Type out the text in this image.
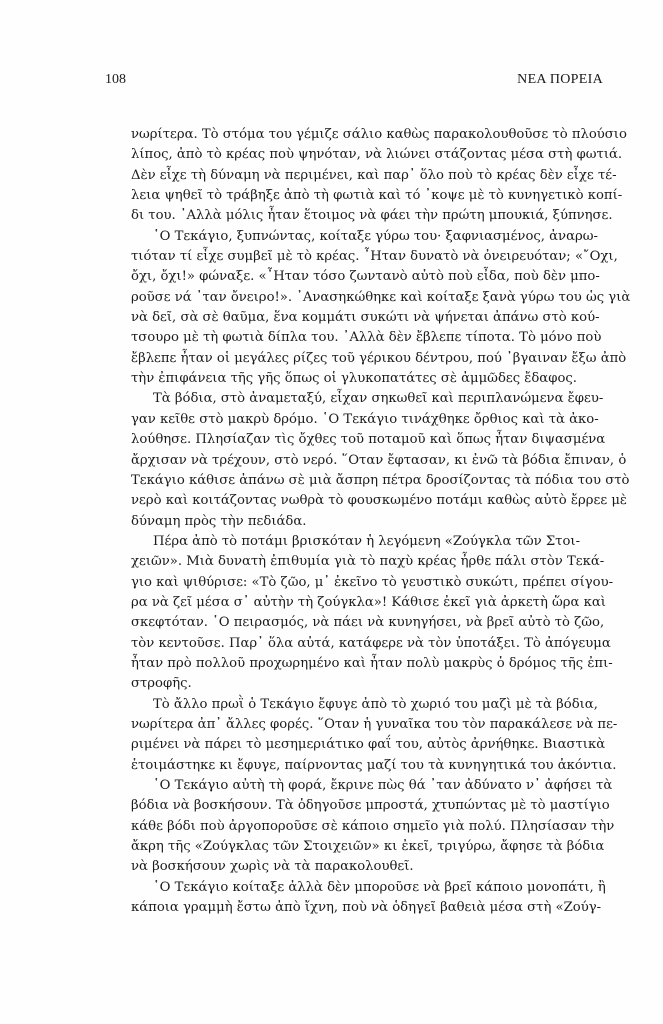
108	ΝΕΑ ΠΟΡΕΙΑ
νωρίτερα. Τὸ στόμα του γέμιζε σάλιο καθὼς παρακολουθοῦσε τὸ πλούσιο
λίπος, ἀπὸ τὸ κρέας ποὺ ψηνόταν, νὰ λιώνει στάζοντας μέσα στὴ φωτιά.
Δὲν εἶχε τὴ δύναμη νὰ περιμένει, καὶ παρ᾽ ὅλο ποὺ τὸ κρέας δὲν εἶχε τέ-
λεια ψηθεῖ τὸ τράβηξε ἀπὸ τὴ φωτιὰ καὶ τό ᾽κοψε μὲ τὸ κυνηγετικὸ κοπί-
δι του. ᾽Αλλὰ μόλις ἦταν ἕτοιμος νὰ φάει τὴν πρώτη μπουκιά, ξύπνησε.
῾Ο Τεκάγιο, ξυπνώντας, κοίταξε γύρω του· ξαφνιασμένος, ἀναρω-
τιόταν τί εἶχε συμβεῖ μὲ τὸ κρέας. ῏Ηταν δυνατὸ νὰ ὀνειρευόταν; «῎Οχι,
ὄχι, ὄχι!» φώναξε. «῏Ηταν τόσο ζωντανὸ αὐτὸ ποὺ εἶδα, ποὺ δὲν μπο-
ροῦσε νά ᾽ταν ὄνειρο!». ᾽Ανασηκώθηκε καὶ κοίταξε ξανὰ γύρω του ὡς γιὰ
νὰ δεῖ, σὰ σὲ θαῦμα, ἕνα κομμάτι συκώτι νὰ ψήνεται ἀπάνω στὸ κού-
τσουρο μὲ τὴ φωτιὰ δίπλα του. ᾽Αλλὰ δὲν ἔβλεπε τίποτα. Τὸ μόνο ποὺ
ἔβλεπε ἦταν οἱ μεγάλες ρίζες τοῦ γέρικου δέντρου, πού ᾽βγαιναν ἔξω ἀπὸ
τὴν ἐπιφάνεια τῆς γῆς ὅπως οἱ γλυκοπατάτες σὲ ἀμμῶδες ἔδαφος.
Τὰ βόδια, στὸ ἀναμεταξύ, εἶχαν σηκωθεῖ καὶ περιπλανώμενα ἔφευ-
γαν κεῖθε στὸ μακρὺ δρόμο. ῾Ο Τεκάγιο τινάχθηκε ὄρθιος καὶ τὰ ἀκο-
λούθησε. Πλησίαζαν τὶς ὄχθες τοῦ ποταμοῦ καὶ ὅπως ἦταν διψασμένα
ἄρχισαν νὰ τρέχουν, στὸ νερό. ῞Οταν ἔφτασαν, κι ἐνῶ τὰ βόδια ἔπιναν, ὁ
Τεκάγιο κάθισε ἀπάνω σὲ μιὰ ἄσπρη πέτρα δροσίζοντας τὰ πόδια του στὸ
νερὸ καὶ κοιτάζοντας νωθρὰ τὸ φουσκωμένο ποτάμι καθὼς αὐτὸ ἔρρεε μὲ
δύναμη πρὸς τὴν πεδιάδα.
Πέρα ἀπὸ τὸ ποτάμι βρισκόταν ἡ λεγόμενη «Ζούγκλα τῶν Στοι-
χειῶν». Μιὰ δυνατὴ ἐπιθυμία γιὰ τὸ παχὺ κρέας ἦρθε πάλι στὸν Τεκά-
γιο καὶ ψιθύρισε: «Τὸ ζῶο, μ᾽ ἐκεῖνο τὸ γευστικὸ συκώτι, πρέπει σίγου-
ρα νὰ ζεῖ μέσα σ᾽ αὐτὴν τὴ ζούγκλα»! Κάθισε ἐκεῖ γιὰ ἀρκετὴ ὥρα καὶ
σκεφτόταν. ῾Ο πειρασμός, νὰ πάει νὰ κυνηγήσει, νὰ βρεῖ αὐτὸ τὸ ζῶο,
τὸν κεντοῦσε. Παρ᾽ ὅλα αὐτά, κατάφερε νὰ τὸν ὑποτάξει. Τὸ ἀπόγευμα
ἦταν πρὸ πολλοῦ προχωρημένο καὶ ἦταν πολὺ μακρὺς ὁ δρόμος τῆς ἐπι-
στροφῆς.
Τὸ ἄλλο πρωῒ ὁ Τεκάγιο ἔφυγε ἀπὸ τὸ χωριό του μαζὶ μὲ τὰ βόδια,
νωρίτερα ἀπ᾽ ἄλλες φορές. ῞Οταν ἡ γυναῖκα του τὸν παρακάλεσε νὰ πε-
ριμένει νὰ πάρει τὸ μεσημεριάτικο φαΐ του, αὐτὸς ἀρνήθηκε. Βιαστικὰ
ἑτοιμάστηκε κι ἔφυγε, παίρνοντας μαζί του τὰ κυνηγητικά του ἀκόντια.
῾Ο Τεκάγιο αὐτὴ τὴ φορά, ἔκρινε πὼς θά ᾽ταν ἀδύνατο ν᾽ ἀφήσει τὰ
βόδια νὰ βοσκήσουν. Τὰ ὁδηγοῦσε μπροστά, χτυπώντας μὲ τὸ μαστίγιο
κάθε βόδι ποὺ ἀργοποροῦσε σὲ κάποιο σημεῖο γιὰ πολύ. Πλησίασαν τὴν
ἄκρη τῆς «Ζούγκλας τῶν Στοιχειῶν» κι ἐκεῖ, τριγύρω, ἄφησε τὰ βόδια
νὰ βοσκήσουν χωρὶς νὰ τὰ παρακολουθεῖ.
῾Ο Τεκάγιο κοίταξε ἀλλὰ δὲν μποροῦσε νὰ βρεῖ κάποιο μονοπάτι, ἢ
κάποια γραμμὴ ἔστω ἀπὸ ἴχνη, ποὺ νὰ ὁδηγεῖ βαθειὰ μέσα στὴ «Ζούγ-
